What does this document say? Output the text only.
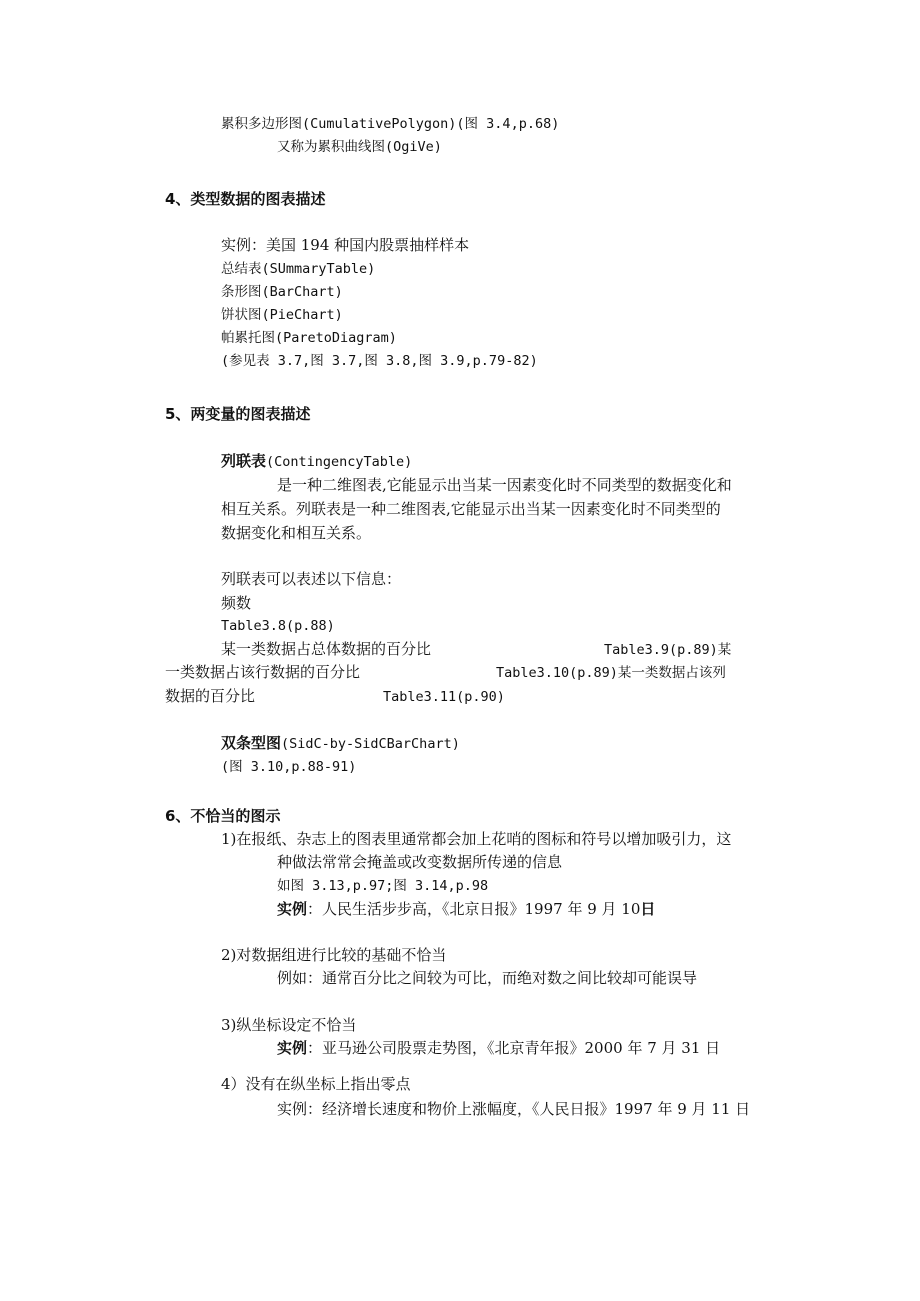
累积多边形图(CumulativePolygon)(图 3.4,p.68)
又称为累积曲线图(OgiVe)
4、类型数据的图表描述
实例：美国 194 种国内股票抽样样本
总结表(SUmmaryTable)
条形图(BarChart)
饼状图(PieChart)
帕累托图(ParetoDiagram)
(参见表 3.7,图 3.7,图 3.8,图 3.9,p.79-82)
5、两变量的图表描述
列联表(ContingencyTable)
是一种二维图表,它能显示出当某一因素变化时不同类型的数据变化和
相互关系。列联表是一种二维图表,它能显示出当某一因素变化时不同类型的
数据变化和相互关系。
列联表可以表述以下信息：
频数
Table3.8(p.88)
某一类数据占总体数据的百分比	Table3.9(p.89)某
一类数据占该行数据的百分比	Table3.10(p.89)某一类数据占该列
数据的百分比	Table3.11(p.90)
双条型图(SidC-by-SidCBarChart)
(图 3.10,p.88-91)
6、不恰当的图示
1)在报纸、杂志上的图表里通常都会加上花哨的图标和符号以增加吸引力，这
种做法常常会掩盖或改变数据所传递的信息
如图 3.13,p.97;图 3.14,p.98
实例：人民生活步步高，《北京日报》1997 年 9 月 10日
2)对数据组进行比较的基础不恰当
例如：通常百分比之间较为可比，而绝对数之间比较却可能误导
3)纵坐标设定不恰当
实例：亚马逊公司股票走势图，《北京青年报》2000 年 7 月 31 日
4）没有在纵坐标上指出零点
实例：经济增长速度和物价上涨幅度，《人民日报》1997 年 9 月 11 日
